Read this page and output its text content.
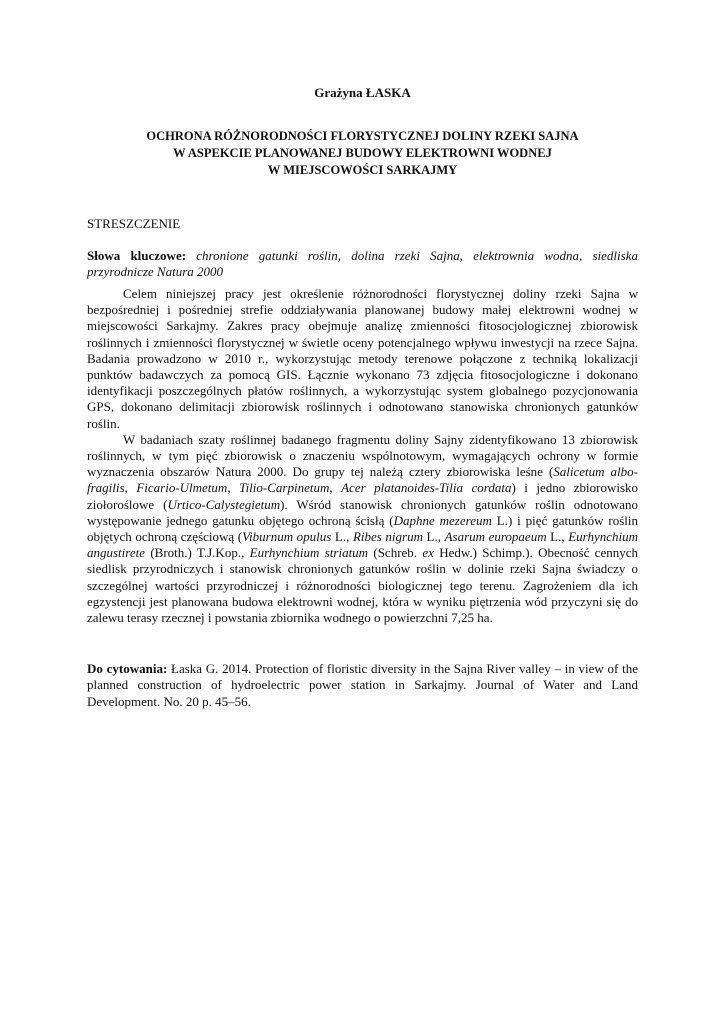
Grażyna ŁASKA
OCHRONA RÓŻNORODNOŚCI FLORYSTYCZNEJ DOLINY RZEKI SAJNA
W ASPEKCIE PLANOWANEJ BUDOWY ELEKTROWNI WODNEJ
W MIEJSCOWOŚCI SARKAJMY
STRESZCZENIE

Słowa kluczowe: chronione gatunki roślin, dolina rzeki Sajna, elektrownia wodna, siedliska przyrodnicze Natura 2000

Celem niniejszej pracy jest określenie różnorodności florystycznej doliny rzeki Sajna w bezpośredniej i pośredniej strefie oddziaływania planowanej budowy małej elektrowni wodnej w miejscowości Sarkajmy. Zakres pracy obejmuje analizę zmienności fitosocjologicznej zbiorowisk roślinnych i zmienności florystycznej w świetle oceny potencjalnego wpływu inwestycji na rzece Sajna. Badania prowadzono w 2010 r., wykorzystując metody terenowe połączone z techniką lokalizacji punktów badawczych za pomocą GIS. Łącznie wykonano 73 zdjęcia fitosocjologiczne i dokonano identyfikacji poszczególnych płatów roślinnych, a wykorzystując system globalnego pozycjonowania GPS, dokonano delimitacji zbiorowisk roślinnych i odnotowano stanowiska chronionych gatunków roślin.

W badaniach szaty roślinnej badanego fragmentu doliny Sajny zidentyfikowano 13 zbiorowisk roślinnych, w tym pięć zbiorowisk o znaczeniu wspólnotowym, wymagających ochrony w formie wyznaczenia obszarów Natura 2000. Do grupy tej należą cztery zbiorowiska leśne (Salicetum albo-fragilis, Ficario-Ulmetum, Tilio-Carpinetum, Acer platanoides-Tilia cordata) i jedno zbiorowisko ziołoroślowe (Urtico-Calystegietum). Wśród stanowisk chronionych gatunków roślin odnotowano występowanie jednego gatunku objętego ochroną ścisłą (Daphne mezereum L.) i pięć gatunków roślin objętych ochroną częściową (Viburnum opulus L., Ribes nigrum L., Asarum europaeum L., Eurhynchium angustirete (Broth.) T.J.Kop., Eurhynchium striatum (Schreb. ex Hedw.) Schimp.). Obecność cennych siedlisk przyrodniczych i stanowisk chronionych gatunków roślin w dolinie rzeki Sajna świadczy o szczególnej wartości przyrodniczej i różnorodności biologicznej tego terenu. Zagrożeniem dla ich egzystencji jest planowana budowa elektrowni wodnej, która w wyniku piętrzenia wód przyczyni się do zalewu terasy rzecznej i powstania zbiornika wodnego o powierzchni 7,25 ha.

Do cytowania: Łaska G. 2014. Protection of floristic diversity in the Sajna River valley – in view of the planned construction of hydroelectric power station in Sarkajmy. Journal of Water and Land Development. No. 20 p. 45–56.
